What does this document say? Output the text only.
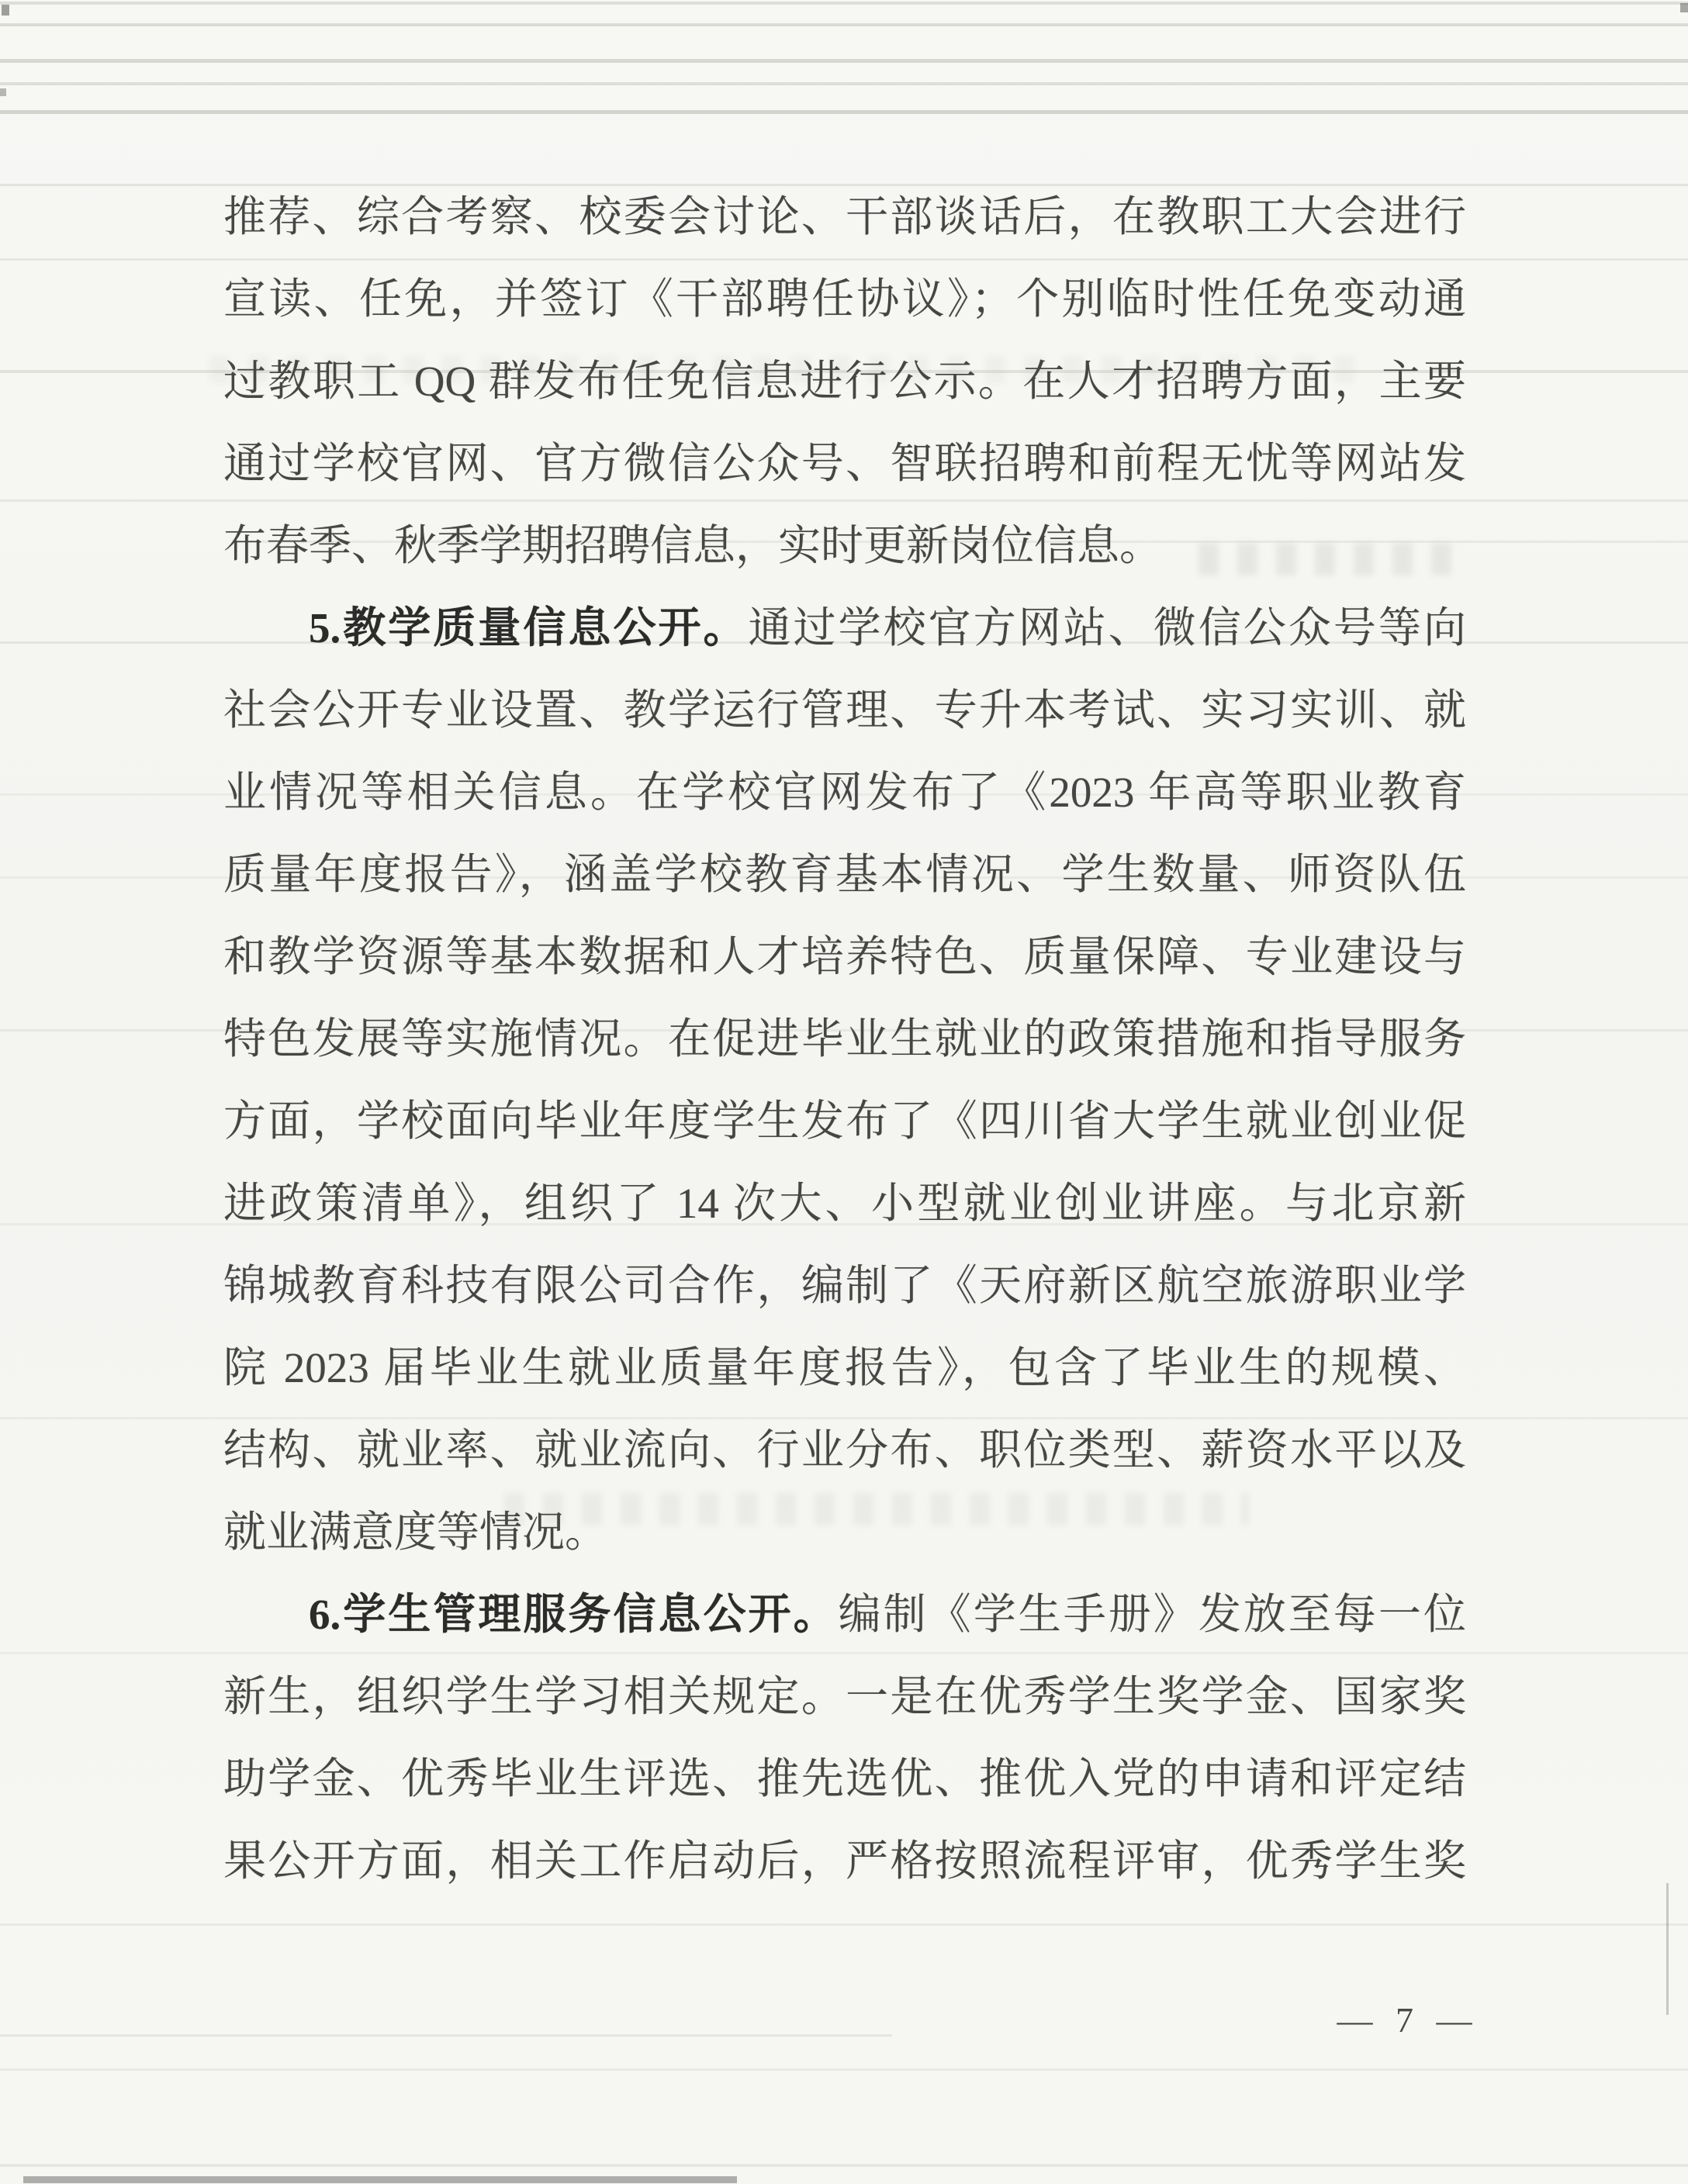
推荐、综合考察、校委会讨论、干部谈话后，在教职工大会进行
宣读、任免，并签订《干部聘任协议》；个别临时性任免变动通
过教职工 QQ 群发布任免信息进行公示。在人才招聘方面，主要
通过学校官网、官方微信公众号、智联招聘和前程无忧等网站发
布春季、秋季学期招聘信息，实时更新岗位信息。
5.教学质量信息公开。通过学校官方网站、微信公众号等向
社会公开专业设置、教学运行管理、专升本考试、实习实训、就
业情况等相关信息。在学校官网发布了《2023 年高等职业教育
质量年度报告》，涵盖学校教育基本情况、学生数量、师资队伍
和教学资源等基本数据和人才培养特色、质量保障、专业建设与
特色发展等实施情况。在促进毕业生就业的政策措施和指导服务
方面，学校面向毕业年度学生发布了《四川省大学生就业创业促
进政策清单》，组织了 14 次大、小型就业创业讲座。与北京新
锦城教育科技有限公司合作，编制了《天府新区航空旅游职业学
院 2023 届毕业生就业质量年度报告》，包含了毕业生的规模、
结构、就业率、就业流向、行业分布、职位类型、薪资水平以及
就业满意度等情况。
6.学生管理服务信息公开。编制《学生手册》发放至每一位
新生，组织学生学习相关规定。一是在优秀学生奖学金、国家奖
助学金、优秀毕业生评选、推先选优、推优入党的申请和评定结
果公开方面，相关工作启动后，严格按照流程评审，优秀学生奖
— 7 —
